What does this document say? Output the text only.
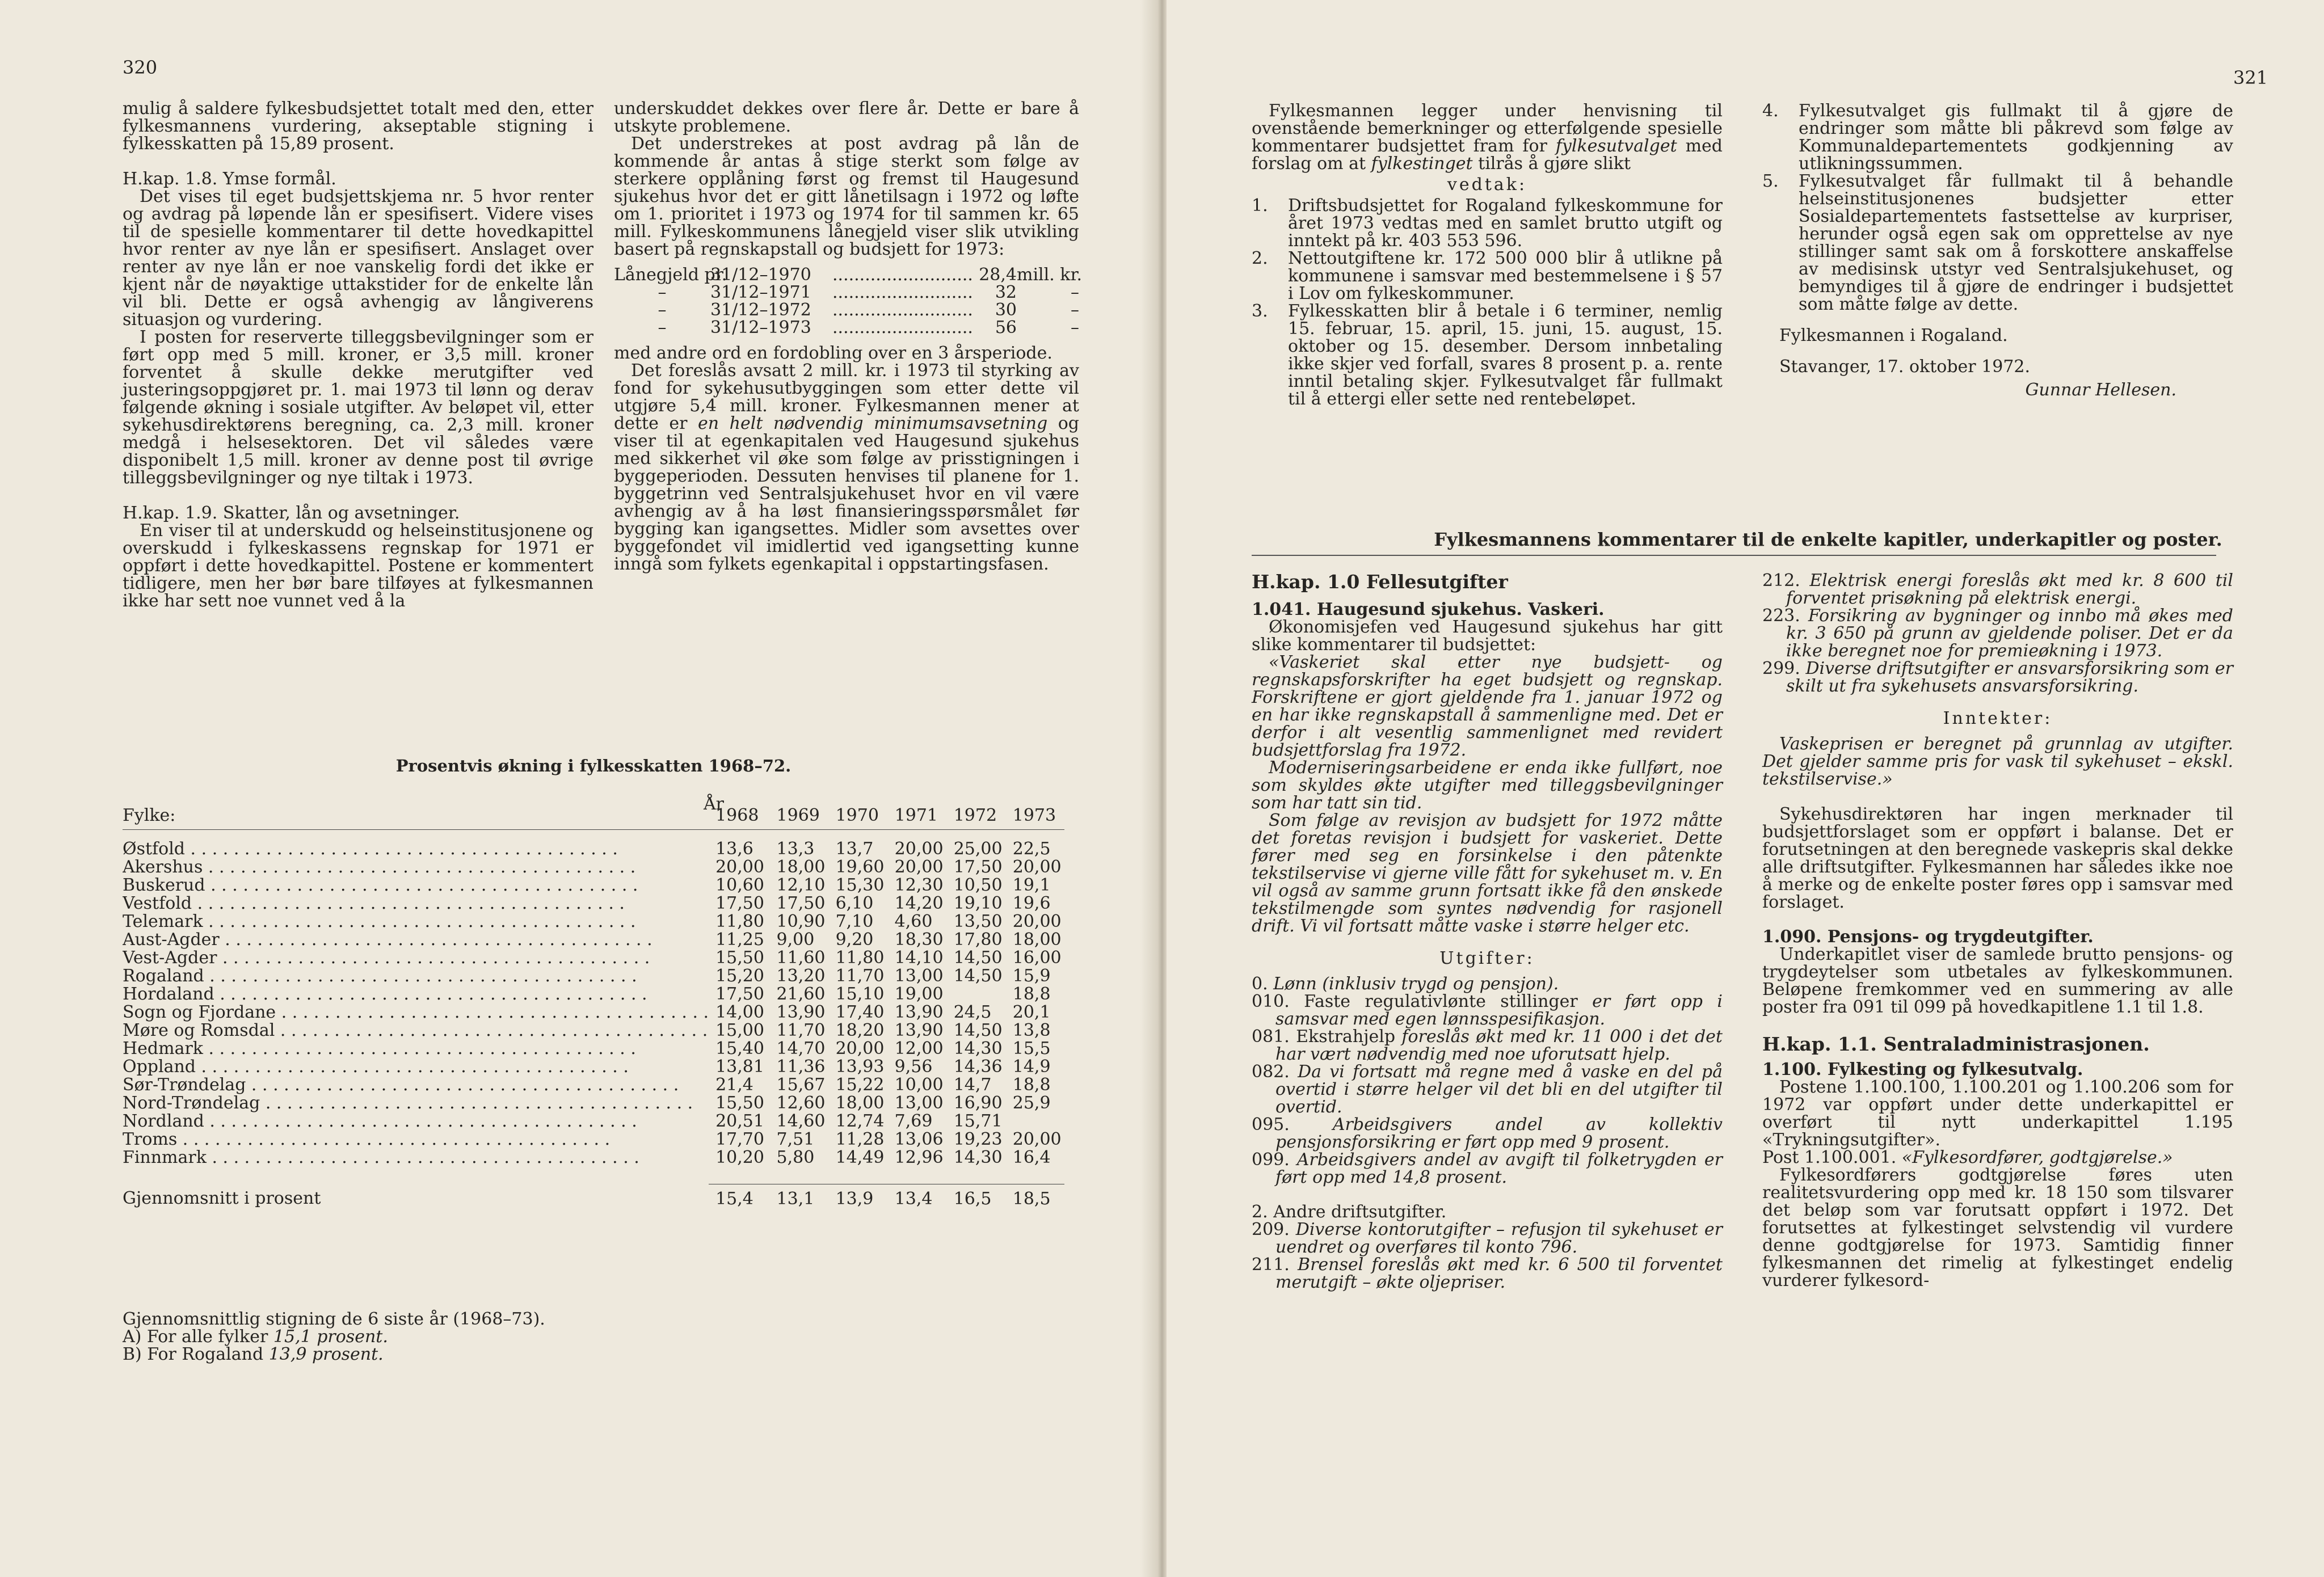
320

mulig å saldere fylkesbudsjettet totalt med den, etter fylkesmannens vurdering, akseptable stigning i fylkesskatten på 15,89 prosent.

H.kap. 1.8. Ymse formål.

Det vises til eget budsjettskjema nr. 5 hvor renter og avdrag på løpende lån er spesifisert. Videre vises til de spesielle kommentarer til dette hovedkapittel hvor renter av nye lån er spesifisert. Anslaget over renter av nye lån er noe vanskelig fordi det ikke er kjent når de nøyaktige uttakstider for de enkelte lån vil bli. Dette er også avhengig av långiverens situasjon og vurdering.

I posten for reserverte tilleggsbevilgninger som er ført opp med 5 mill. kroner, er 3,5 mill. kroner forventet å skulle dekke merutgifter ved justeringsoppgjøret pr. 1. mai 1973 til lønn og derav følgende økning i sosiale utgifter. Av beløpet vil, etter sykehusdirektørens beregning, ca. 2,3 mill. kroner medgå i helsesektoren. Det vil således være disponibelt 1,5 mill. kroner av denne post til øvrige tilleggsbevilgninger og nye tiltak i 1973.

H.kap. 1.9. Skatter, lån og avsetninger.

En viser til at underskudd og helseinstitusjonene og overskudd i fylkeskassens regnskap for 1971 er oppført i dette hovedkapittel. Postene er kommentert tidligere, men her bør bare tilføyes at fylkesmannen ikke har sett noe vunnet ved å la

underskuddet dekkes over flere år. Dette er bare å utskyte problemene.

Det understrekes at post avdrag på lån de kommende år antas å stige sterkt som følge av sterkere opplåning først og fremst til Haugesund sjukehus hvor det er gitt lånetilsagn i 1972 og løfte om 1. prioritet i 1973 og 1974 for til sammen kr. 65 mill. Fylkeskommunens lånegjeld viser slik utvikling basert på regnskapstall og budsjett for 1973:

Lånegjeld pr.
31/12–1970 .....	28,4 mill. kr.
–	31/12–1971 .....	32	–
–	31/12–1972 .....	30	–
–	31/12–1973 .....	56	–

med andre ord en fordobling over en 3 årsperiode.

Det foreslås avsatt 2 mill. kr. i 1973 til styrking av fond for sykehusutbyggingen som etter dette vil utgjøre 5,4 mill. kroner. Fylkesmannen mener at dette er en helt nødvendig minimumsavsetning og viser til at egenkapitalen ved Haugesund sjukehus med sikkerhet vil øke som følge av prisstigningen i byggeperioden. Dessuten henvises til planene for 1. byggetrinn ved Sentralsjukehuset hvor en vil være avhengig av å ha løst finansieringsspørsmålet før bygging kan igangsettes. Midler som avsettes over byggefondet vil imidlertid ved igangsetting kunne inngå som fylkets egenkapital i oppstartingsfasen.

Prosentvis økning i fylkesskatten 1968–72.
År
Fylke:	1968	1969	1970	1971	1972	1973
Østfold . . . . . . . . . . . . . . . . . . . . . . . . . . . . . . . . . . . . . . . .	13,6	13,3	13,7	20,00	25,00	22,5
Akershus . . . . . . . . . . . . . . . . . . . . . . . . . . . . . . . . . . . . . . . .	20,00	18,00	19,60	20,00	17,50	20,00
Buskerud . . . . . . . . . . . . . . . . . . . . . . . . . . . . . . . . . . . . . . . .	10,60	12,10	15,30	12,30	10,50	19,1
Vestfold . . . . . . . . . . . . . . . . . . . . . . . . . . . . . . . . . . . . . . . .	17,50	17,50	6,10	14,20	19,10	19,6
Telemark . . . . . . . . . . . . . . . . . . . . . . . . . . . . . . . . . . . . . . . .	11,80	10,90	7,10	4,60	13,50	20,00
Aust-Agder . . . . . . . . . . . . . . . . . . . . . . . . . . . . . . . . . . . . . . . .	11,25	9,00	9,20	18,30	17,80	18,00
Vest-Agder . . . . . . . . . . . . . . . . . . . . . . . . . . . . . . . . . . . . . . . .	15,50	11,60	11,80	14,10	14,50	16,00
Rogaland . . . . . . . . . . . . . . . . . . . . . . . . . . . . . . . . . . . . . . . .	15,20	13,20	11,70	13,00	14,50	15,9
Hordaland . . . . . . . . . . . . . . . . . . . . . . . . . . . . . . . . . . . . . . . .	17,50	21,60	15,10	19,00		18,8
Sogn og Fjordane . . . . . . . . . . . . . . . . . . . . . . . . . . . . . . . . . . . . . . . .	14,00	13,90	17,40	13,90	24,5	20,1
Møre og Romsdal . . . . . . . . . . . . . . . . . . . . . . . . . . . . . . . . . . . . . . . .	15,00	11,70	18,20	13,90	14,50	13,8
Hedmark . . . . . . . . . . . . . . . . . . . . . . . . . . . . . . . . . . . . . . . .	15,40	14,70	20,00	12,00	14,30	15,5
Oppland . . . . . . . . . . . . . . . . . . . . . . . . . . . . . . . . . . . . . . . .	13,81	11,36	13,93	9,56	14,36	14,9
Sør-Trøndelag . . . . . . . . . . . . . . . . . . . . . . . . . . . . . . . . . . . . . . . .	21,4	15,67	15,22	10,00	14,7	18,8
Nord-Trøndelag . . . . . . . . . . . . . . . . . . . . . . . . . . . . . . . . . . . . . . . .	15,50	12,60	18,00	13,00	16,90	25,9
Nordland . . . . . . . . . . . . . . . . . . . . . . . . . . . . . . . . . . . . . . . .	20,51	14,60	12,74	7,69	15,71	
Troms . . . . . . . . . . . . . . . . . . . . . . . . . . . . . . . . . . . . . . . .	17,70	7,51	11,28	13,06	19,23	20,00
Finnmark . . . . . . . . . . . . . . . . . . . . . . . . . . . . . . . . . . . . . . . .	10,20	5,80	14,49	12,96	14,30	16,4

Gjennomsnitt i prosent	15,4	13,1	13,9	13,4	16,5	18,5
Gjennomsnittlig stigning de 6 siste år (1968–73).
A) For alle fylker 15,1 prosent.
B) For Rogaland 13,9 prosent.
321

Fylkesmannen legger under henvisning til ovenstående bemerkninger og etterfølgende spesielle kommentarer budsjettet fram for fylkesutvalget med forslag om at fylkestinget tilrås å gjøre slikt

vedtak:

1. Driftsbudsjettet for Rogaland fylkeskommune for året 1973 vedtas med en samlet brutto utgift og inntekt på kr. 403 553 596.
2. Nettoutgiftene kr. 172 500 000 blir å utlikne på kommunene i samsvar med bestemmelsene i § 57 i Lov om fylkeskommuner.
3. Fylkesskatten blir å betale i 6 terminer, nemlig 15. februar, 15. april, 15. juni, 15. august, 15. oktober og 15. desember. Dersom innbetaling ikke skjer ved forfall, svares 8 prosent p. a. rente inntil betaling skjer. Fylkesutvalget får fullmakt til å ettergi eller sette ned rentebeløpet.
4. Fylkesutvalget gis fullmakt til å gjøre de endringer som måtte bli påkrevd som følge av Kommunaldepartementets godkjenning av utlikningssummen.
5. Fylkesutvalget får fullmakt til å behandle helseinstitusjonenes budsjetter etter Sosialdepartementets fastsettelse av kurpriser, herunder også egen sak om opprettelse av nye stillinger samt sak om å forskottere anskaffelse av medisinsk utstyr ved Sentralsjukehuset, og bemyndiges til å gjøre de endringer i budsjettet som måtte følge av dette.

Fylkesmannen i Rogaland.

Stavanger, 17. oktober 1972.

Gunnar Hellesen.

Fylkesmannens kommentarer til de enkelte kapitler, underkapitler og poster.
H.kap. 1.0 Fellesutgifter
1.041. Haugesund sjukehus. Vaskeri.

Økonomisjefen ved Haugesund sjukehus har gitt slike kommentarer til budsjettet:

«Vaskeriet skal etter nye budsjett- og regnskapsforskrifter ha eget budsjett og regnskap. Forskriftene er gjort gjeldende fra 1. januar 1972 og en har ikke regnskapstall å sammenligne med. Det er derfor i alt vesentlig sammenlignet med revidert budsjettforslag fra 1972.

Moderniseringsarbeidene er enda ikke fullført, noe som skyldes økte utgifter med tilleggsbevilgninger som har tatt sin tid.

Som følge av revisjon av budsjett for 1972 måtte det foretas revisjon i budsjett for vaskeriet. Dette fører med seg en forsinkelse i den påtenkte tekstilservise vi gjerne ville fått for sykehuset m. v. En vil også av samme grunn fortsatt ikke få den ønskede tekstilmengde som syntes nødvendig for rasjonell drift. Vi vil fortsatt måtte vaske i større helger etc.

Utgifter:

0. Lønn (inklusiv trygd og pensjon).

010. Faste regulativlønte stillinger er ført opp i samsvar med egen lønnsspesifikasjon.

081. Ekstrahjelp foreslås økt med kr. 11 000 i det det har vært nødvendig med noe uforutsatt hjelp.

082. Da vi fortsatt må regne med å vaske en del på overtid i større helger vil det bli en del utgifter til overtid.

095. Arbeidsgivers andel av kollektiv pensjonsforsikring er ført opp med 9 prosent.

099. Arbeidsgivers andel av avgift til folketrygden er ført opp med 14,8 prosent.

2. Andre driftsutgifter.

209. Diverse kontorutgifter – refusjon til sykehuset er uendret og overføres til konto 796.

211. Brensel foreslås økt med kr. 6 500 til forventet merutgift – økte oljepriser.

212. Elektrisk energi foreslås økt med kr. 8 600 til forventet prisøkning på elektrisk energi.

223. Forsikring av bygninger og innbo må økes med kr. 3 650 på grunn av gjeldende poliser. Det er da ikke beregnet noe for premieøkning i 1973.

299. Diverse driftsutgifter er ansvarsforsikring som er skilt ut fra sykehusets ansvarsforsikring.

Inntekter:

Vaskeprisen er beregnet på grunnlag av utgifter. Det gjelder samme pris for vask til sykehuset – ekskl. tekstilservise.»

Sykehusdirektøren har ingen merknader til budsjettforslaget som er oppført i balanse. Det er forutsetningen at den beregnede vaskepris skal dekke alle driftsutgifter. Fylkesmannen har således ikke noe å merke og de enkelte poster føres opp i samsvar med forslaget.

1.090. Pensjons- og trygdeutgifter.

Underkapitlet viser de samlede brutto pensjons- og trygdeytelser som utbetales av fylkeskommunen. Beløpene fremkommer ved en summering av alle poster fra 091 til 099 på hovedkapitlene 1.1 til 1.8.

H.kap. 1.1. Sentraladministrasjonen.
1.100. Fylkesting og fylkesutvalg.

Postene 1.100.100, 1.100.201 og 1.100.206 som for 1972 var oppført under dette underkapittel er overført til nytt underkapittel 1.195 «Trykningsutgifter».

Post 1.100.001. «Fylkesordfører, godtgjørelse.»

Fylkesordførers godtgjørelse føres uten realitetsvurdering opp med kr. 18 150 som tilsvarer det beløp som var forutsatt oppført i 1972. Det forutsettes at fylkestinget selvstendig vil vurdere denne godtgjørelse for 1973. Samtidig finner fylkesmannen det rimelig at fylkestinget endelig vurderer fylkesord-
